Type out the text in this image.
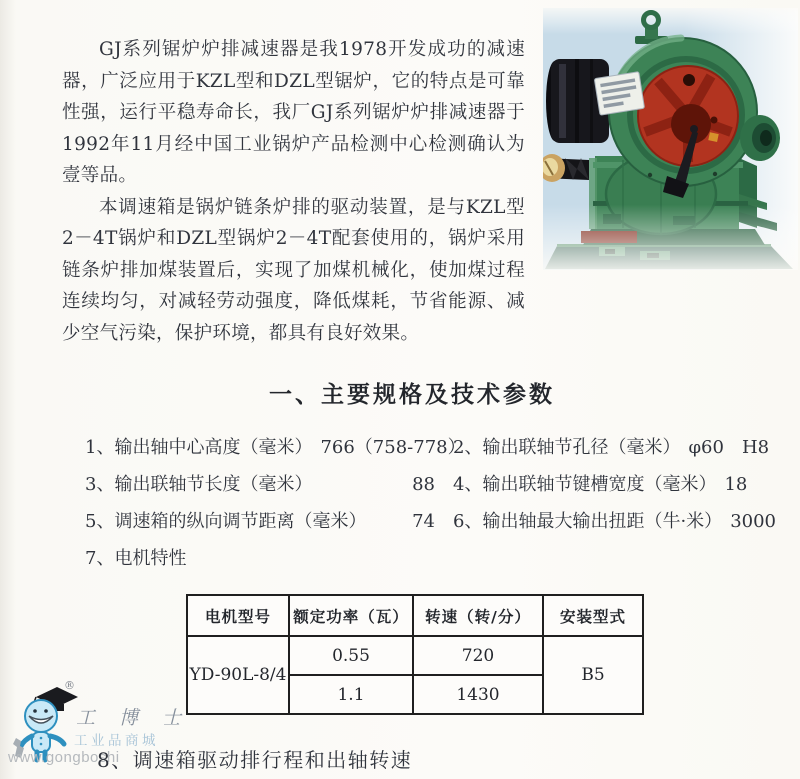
GJ系列锯炉炉排减速器是我1978开发成功的减速器，广泛应用于KZL型和DZL型锯炉，它的特点是可靠性强，运行平稳寿命长，我厂GJ系列锯炉炉排减速器于1992年11月经中国工业锅炉产品检测中心检测确认为壹等品。

本调速箱是锅炉链条炉排的驱动装置，是与KZL型2－4T锅炉和DZL型锅炉2－4T配套使用的，锅炉采用链条炉排加煤装置后，实现了加煤机械化，使加煤过程连续均匀，对减轻劳动强度，降低煤耗，节省能源、减少空气污染，保护环境，都具有良好效果。

一、主要规格及技术参数
1、输出轴中心高度（毫米） 766（758-778）
2、输出联轴节孔径（毫米） φ60　H8
3、输出联轴节长度（毫米）	88 4、输出联轴节键槽宽度（毫米） 18
5、调速箱的纵向调节距离（毫米）	74 6、输出轴最大输出扭距（牛·米） 3000
7、电机特性
电机型号	额定功率（瓦）	转速（转/分）	安装型式
YD-90L-8/4	0.55	720	B5
	1.1	1430	
8、调速箱驱动排行程和出轴转速
®
工 博 士
工业品商城
www.gongboshi
